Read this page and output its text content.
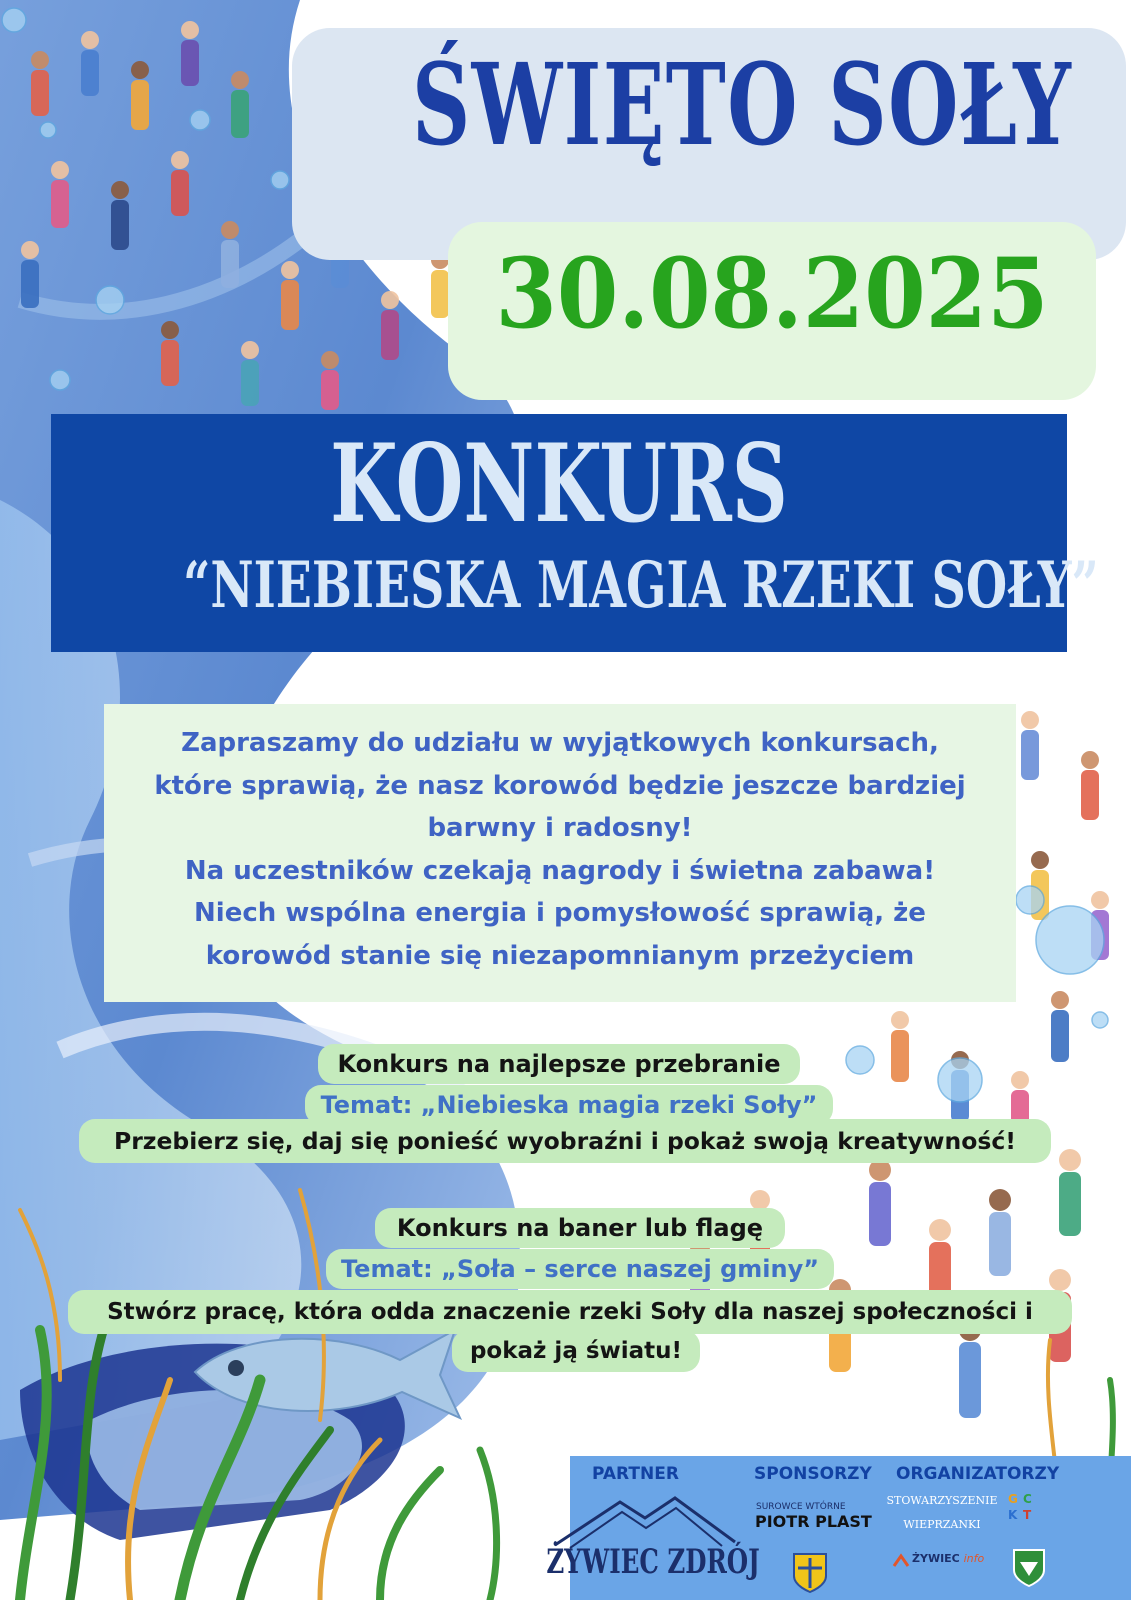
ŚWIĘTO SOŁY
30.08.2025
KONKURS
“NIEBIESKA MAGIA RZEKI SOŁY”

Zapraszamy do udziału w wyjątkowych konkursach,

które sprawią, że nasz korowód będzie jeszcze bardziej

barwny i radosny!

Na uczestników czekają nagrody i świetna zabawa!

Niech wspólna energia i pomysłowość sprawią, że

korowód stanie się niezapomnianym przeżyciem

Konkurs na najlepsze przebranie
Temat: „Niebieska magia rzeki Soły”
Przebierz się, daj się ponieść wyobraźni i pokaż swoją kreatywność!
Konkurs na baner lub flagę
Temat: „Soła – serce naszej gminy”
Stwórz pracę, która odda znaczenie rzeki Soły dla naszej społeczności i
pokaż ją światu!
PARTNER	SPONSORZY ORGANIZATORZY
ŻYWIEC ZDRÓJ
SUROWCE WTÓRNE
PIOTR PLAST
STOWARZYSZENIE
WIEPRZANKI
G C
K T
ŻYWIEC info
